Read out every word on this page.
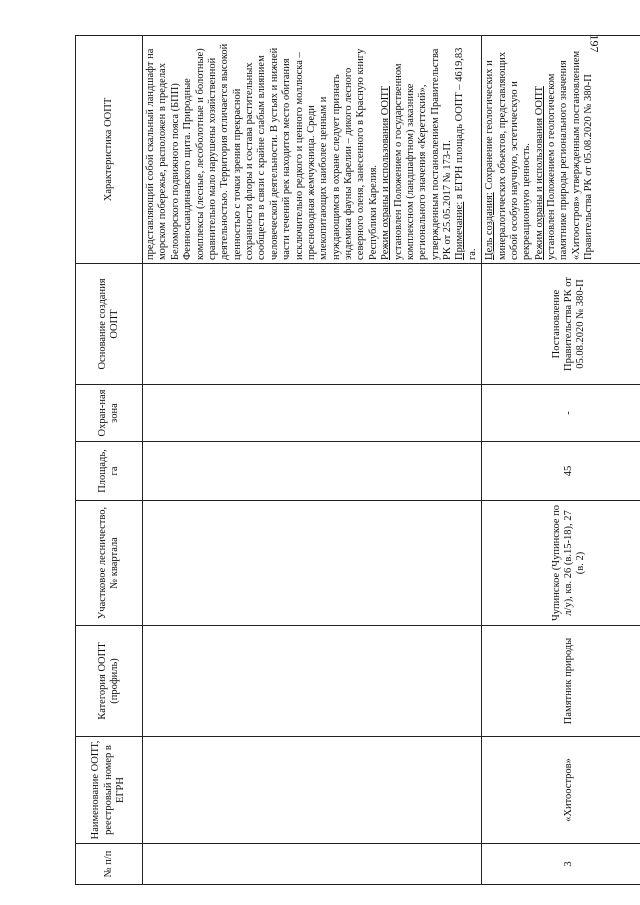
197
№ п/п	Наименование ООПТ, реестровый номер в ЕГРН	Категория ООПТ (профиль)	Участковое лесничество, № квартала	Площадь, га	Охран-ная зона	Основание создания ООПТ	Характеристика ООПТ

							представляющий собой скальный ландшафт на морском побережье, расположен в пределах Беломорского подвижного пояса (БПП) Фенноскандинавского щита. Природные комплексы (лесные, лесоболотные и болотные) сравнительно мало нарушены хозяйственной деятельностью. Территория отличается высокой ценностью с точки зрения прекрасной сохранности флоры и состава растительных сообществ в связи с крайне слабым влиянием человеческой деятельности. В устьях и нижней части течений рек находится место обитания исключительно редкого и ценного моллюска – пресноводная жемчужница. Среди млекопитающих наиболее ценным и нуждающимся в охране следует признать эндемика фауны Карелии – дикого лесного северного оленя, занесенного в Красную книгу Республики Карелия. Режим охраны и использования ООПТ установлен Положением о государственном комплексном (ландшафтном) заказнике регионального значения «Кереттский», утвержденным постановлением Правительства РК от 25.05.2017 № 173-П. Примечание: в ЕГРН площадь ООПТ – 4619,83 га.

3	«Хитоостров»	Памятник природы	Чупинское (Чупинское по л/у), кв. 26 (в.15-18), 27 (в. 2)	45	-	Постановление Правительства РК от 05.08.2020 № 380-П	Цель создания: Сохранение геологических и минералогических объектов, представляющих собой особую научную, эстетическую и рекреационную ценность. Режим охраны и использования ООПТ установлен Положением о геологическом памятнике природы регионального значения «Хитоостров» утвержденным постановлением Правительства РК от 05.08.2020 № 380-П
